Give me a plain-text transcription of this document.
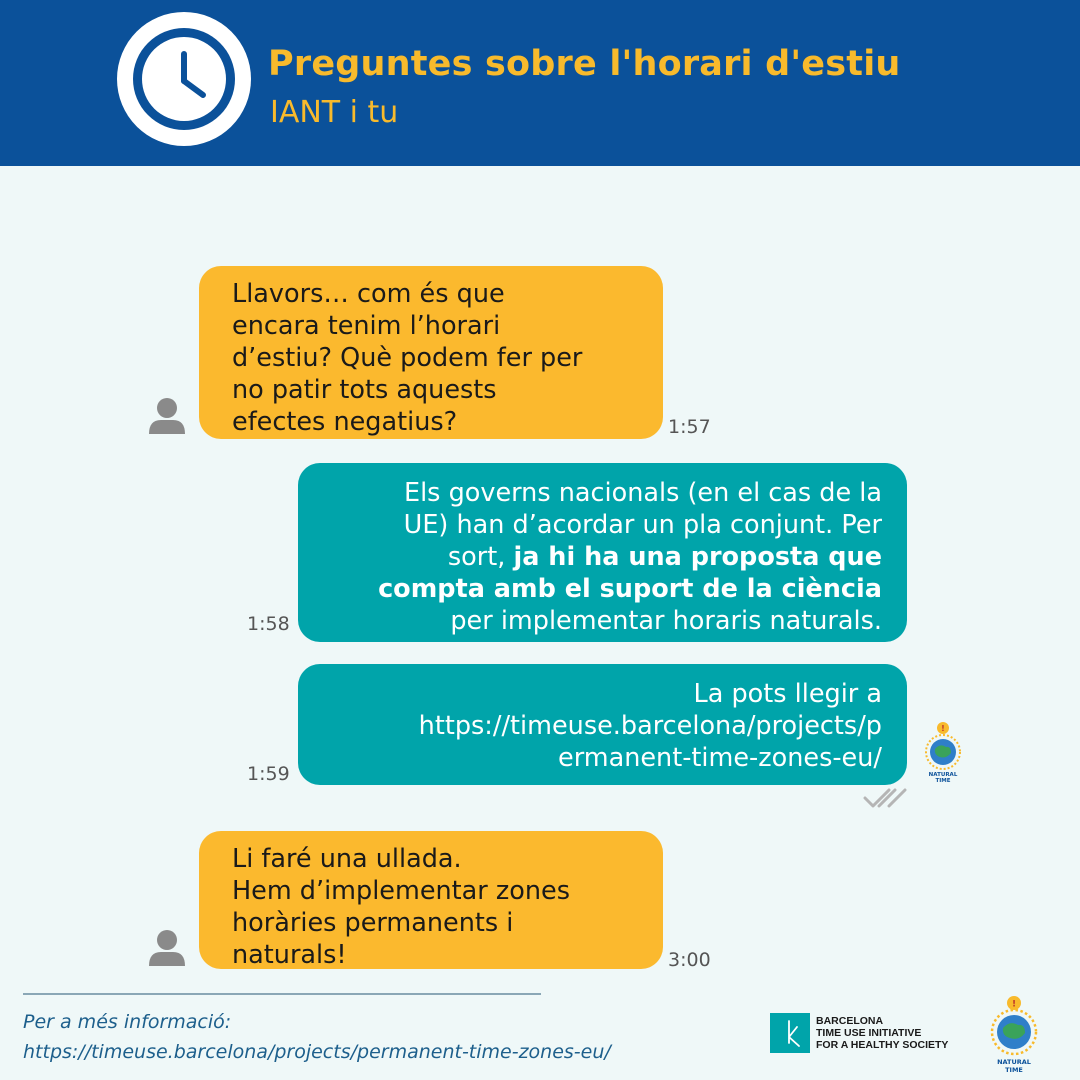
Preguntes sobre l'horari d'estiu
IANT i tu
Llavors… com és que
encara tenim l’horari
d’estiu? Què podem fer per
no patir tots aquests
efectes negatius?	1:57
1:58
Els governs nacionals (en el cas de la
UE) han d’acordar un pla conjunt. Per
sort, ja hi ha una proposta que
compta amb el suport de la ciència
per implementar horaris naturals.
1:59
La pots llegir a
https://timeuse.barcelona/projects/p
ermanent-time-zones-eu/
!
NATURAL
TIME
Li faré una ullada.
Hem d’implementar zones
horàries permanents i
naturals!	3:00
Per a més informació:
https://timeuse.barcelona/projects/permanent-time-zones-eu/
BARCELONA
TIME USE INITIATIVE
FOR A HEALTHY SOCIETY
!
NATURAL
TIME
